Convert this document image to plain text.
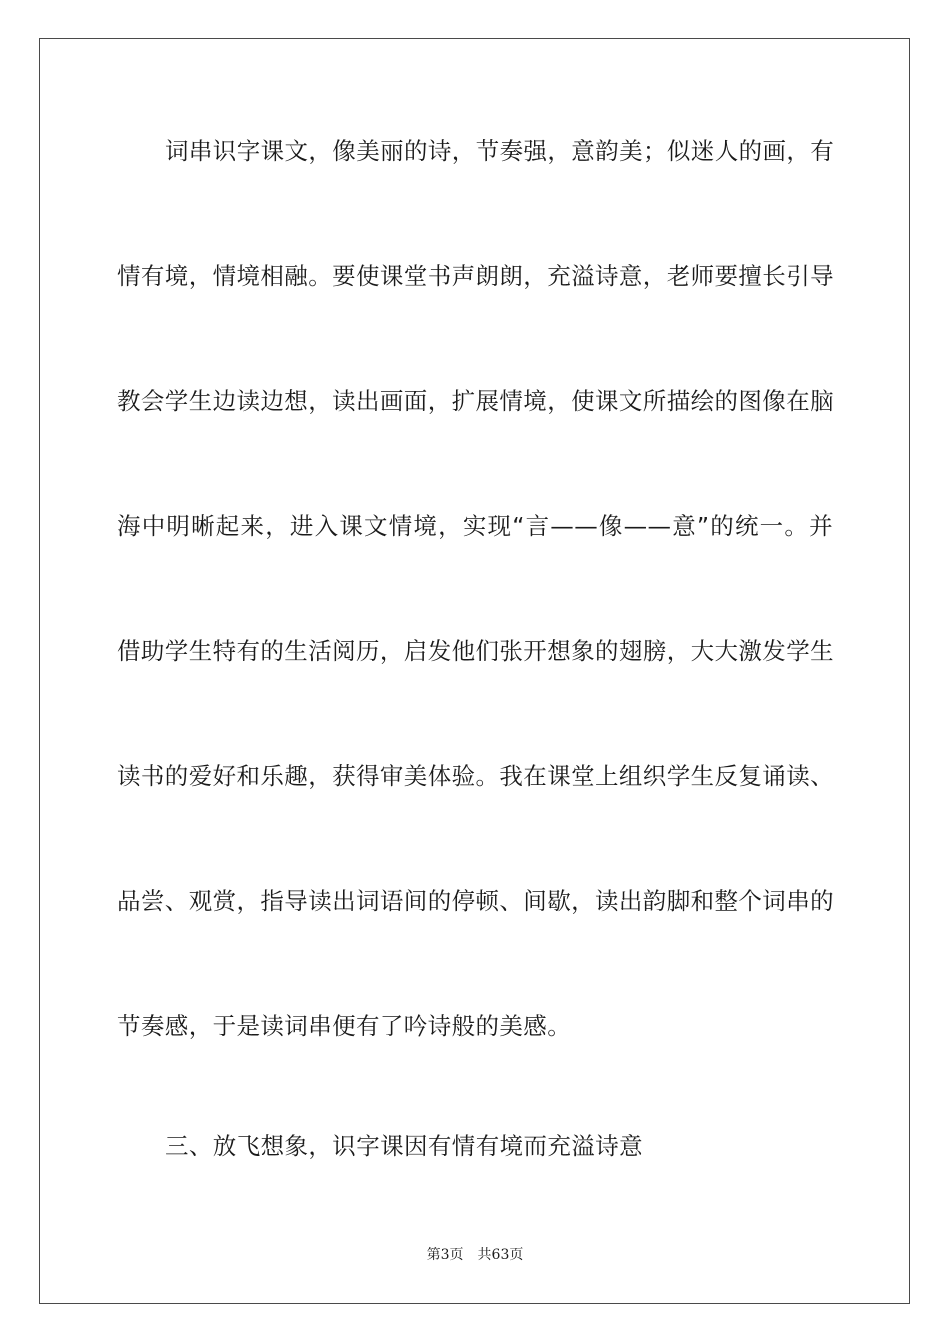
词串识字课文，像美丽的诗，节奏强，意韵美；似迷人的画，有
情有境，情境相融。要使课堂书声朗朗，充溢诗意，老师要擅长引导
教会学生边读边想，读出画面，扩展情境，使课文所描绘的图像在脑
海中明晰起来，进入课文情境，实现“言——像——意”的统一。并
借助学生特有的生活阅历，启发他们张开想象的翅膀，大大激发学生
读书的爱好和乐趣，获得审美体验。我在课堂上组织学生反复诵读、
品尝、观赏，指导读出词语间的停顿、间歇，读出韵脚和整个词串的
节奏感，于是读词串便有了吟诗般的美感。
三、放飞想象，识字课因有情有境而充溢诗意
第3页 共63页
